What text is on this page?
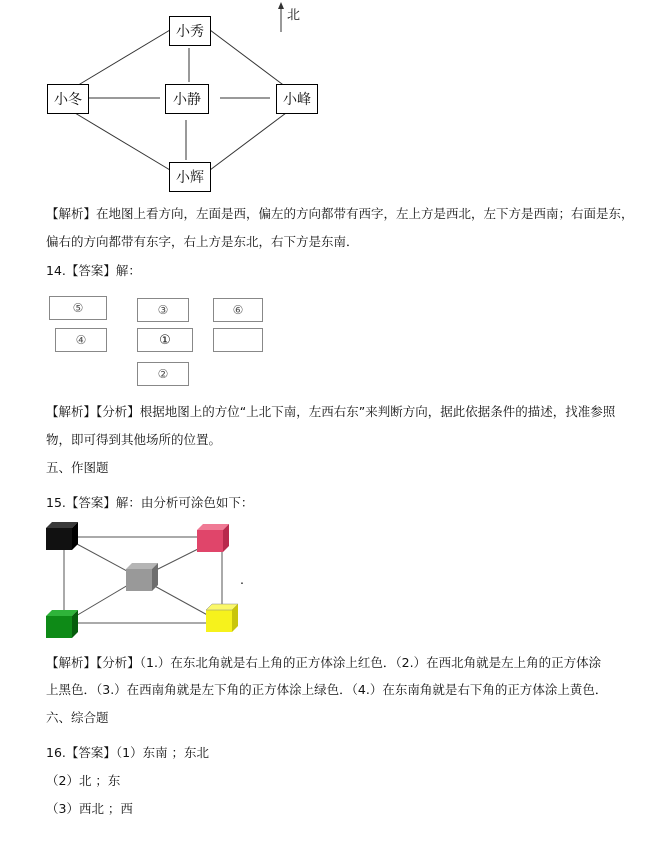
北
小秀
小冬	小静	小峰
小辉
【解析】在地图上看方向，左面是西，偏左的方向都带有西字，左上方是西北，左下方是西南；右面是东，
偏右的方向都带有东字，右上方是东北，右下方是东南．
14.【答案】解：
⑤	③	⑥
④	①
②
【解析】【分析】根据地图上的方位“上北下南，左西右东”来判断方向，据此依据条件的描述，找准参照
物，即可得到其他场所的位置。
五、作图题
15.【答案】解：由分析可涂色如下：
.
【解析】【分析】（1.）在东北角就是右上角的正方体涂上红色．（2.）在西北角就是左上角的正方体涂
上黑色．（3.）在西南角就是左下角的正方体涂上绿色．（4.）在东南角就是右下角的正方体涂上黄色．
六、综合题
16.【答案】（1）东南 ；东北
（2）北 ；东
（3）西北 ；西
